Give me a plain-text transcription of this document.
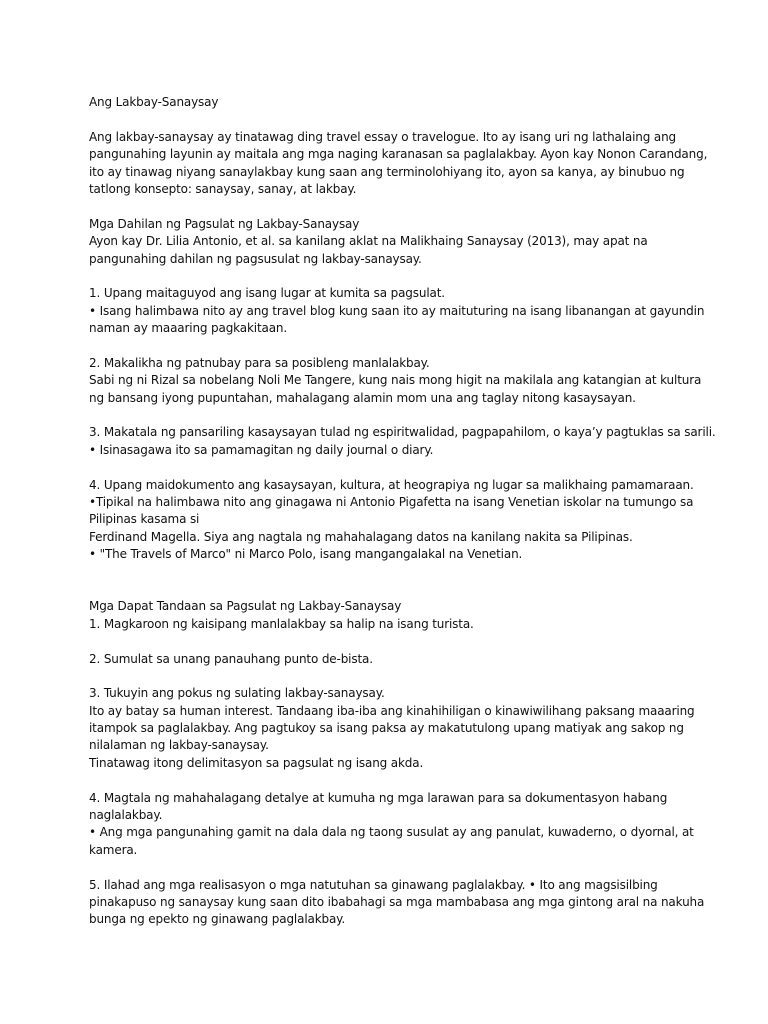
Ang Lakbay-Sanaysay
Ang lakbay-sanaysay ay tinatawag ding travel essay o travelogue. Ito ay isang uri ng lathalaing ang
pangunahing layunin ay maitala ang mga naging karanasan sa paglalakbay. Ayon kay Nonon Carandang,
ito ay tinawag niyang sanaylakbay kung saan ang terminolohiyang ito, ayon sa kanya, ay binubuo ng
tatlong konsepto: sanaysay, sanay, at lakbay.
Mga Dahilan ng Pagsulat ng Lakbay-Sanaysay
Ayon kay Dr. Lilia Antonio, et al. sa kanilang aklat na Malikhaing Sanaysay (2013), may apat na
pangunahing dahilan ng pagsusulat ng lakbay-sanaysay.
1. Upang maitaguyod ang isang lugar at kumita sa pagsulat.
• Isang halimbawa nito ay ang travel blog kung saan ito ay maituturing na isang libanangan at gayundin
naman ay maaaring pagkakitaan.
2. Makalikha ng patnubay para sa posibleng manlalakbay.
Sabi ng ni Rizal sa nobelang Noli Me Tangere, kung nais mong higit na makilala ang katangian at kultura
ng bansang iyong pupuntahan, mahalagang alamin mom una ang taglay nitong kasaysayan.
3. Makatala ng pansariling kasaysayan tulad ng espiritwalidad, pagpapahilom, o kaya’y pagtuklas sa sarili.
• Isinasagawa ito sa pamamagitan ng daily journal o diary.
4. Upang maidokumento ang kasaysayan, kultura, at heograpiya ng lugar sa malikhaing pamamaraan.
•Tipikal na halimbawa nito ang ginagawa ni Antonio Pigafetta na isang Venetian iskolar na tumungo sa
Pilipinas kasama si
Ferdinand Magella. Siya ang nagtala ng mahahalagang datos na kanilang nakita sa Pilipinas.
• "The Travels of Marco" ni Marco Polo, isang mangangalakal na Venetian.
Mga Dapat Tandaan sa Pagsulat ng Lakbay-Sanaysay
1. Magkaroon ng kaisipang manlalakbay sa halip na isang turista.
2. Sumulat sa unang panauhang punto de-bista.
3. Tukuyin ang pokus ng sulating lakbay-sanaysay.
Ito ay batay sa human interest. Tandaang iba-iba ang kinahihiligan o kinawiwilihang paksang maaaring
itampok sa paglalakbay. Ang pagtukoy sa isang paksa ay makatutulong upang matiyak ang sakop ng
nilalaman ng lakbay-sanaysay.
Tinatawag itong delimitasyon sa pagsulat ng isang akda.
4. Magtala ng mahahalagang detalye at kumuha ng mga larawan para sa dokumentasyon habang
naglalakbay.
• Ang mga pangunahing gamit na dala dala ng taong susulat ay ang panulat, kuwaderno, o dyornal, at
kamera.
5. Ilahad ang mga realisasyon o mga natutuhan sa ginawang paglalakbay. • Ito ang magsisilbing
pinakapuso ng sanaysay kung saan dito ibabahagi sa mga mambabasa ang mga gintong aral na nakuha
bunga ng epekto ng ginawang paglalakbay.
